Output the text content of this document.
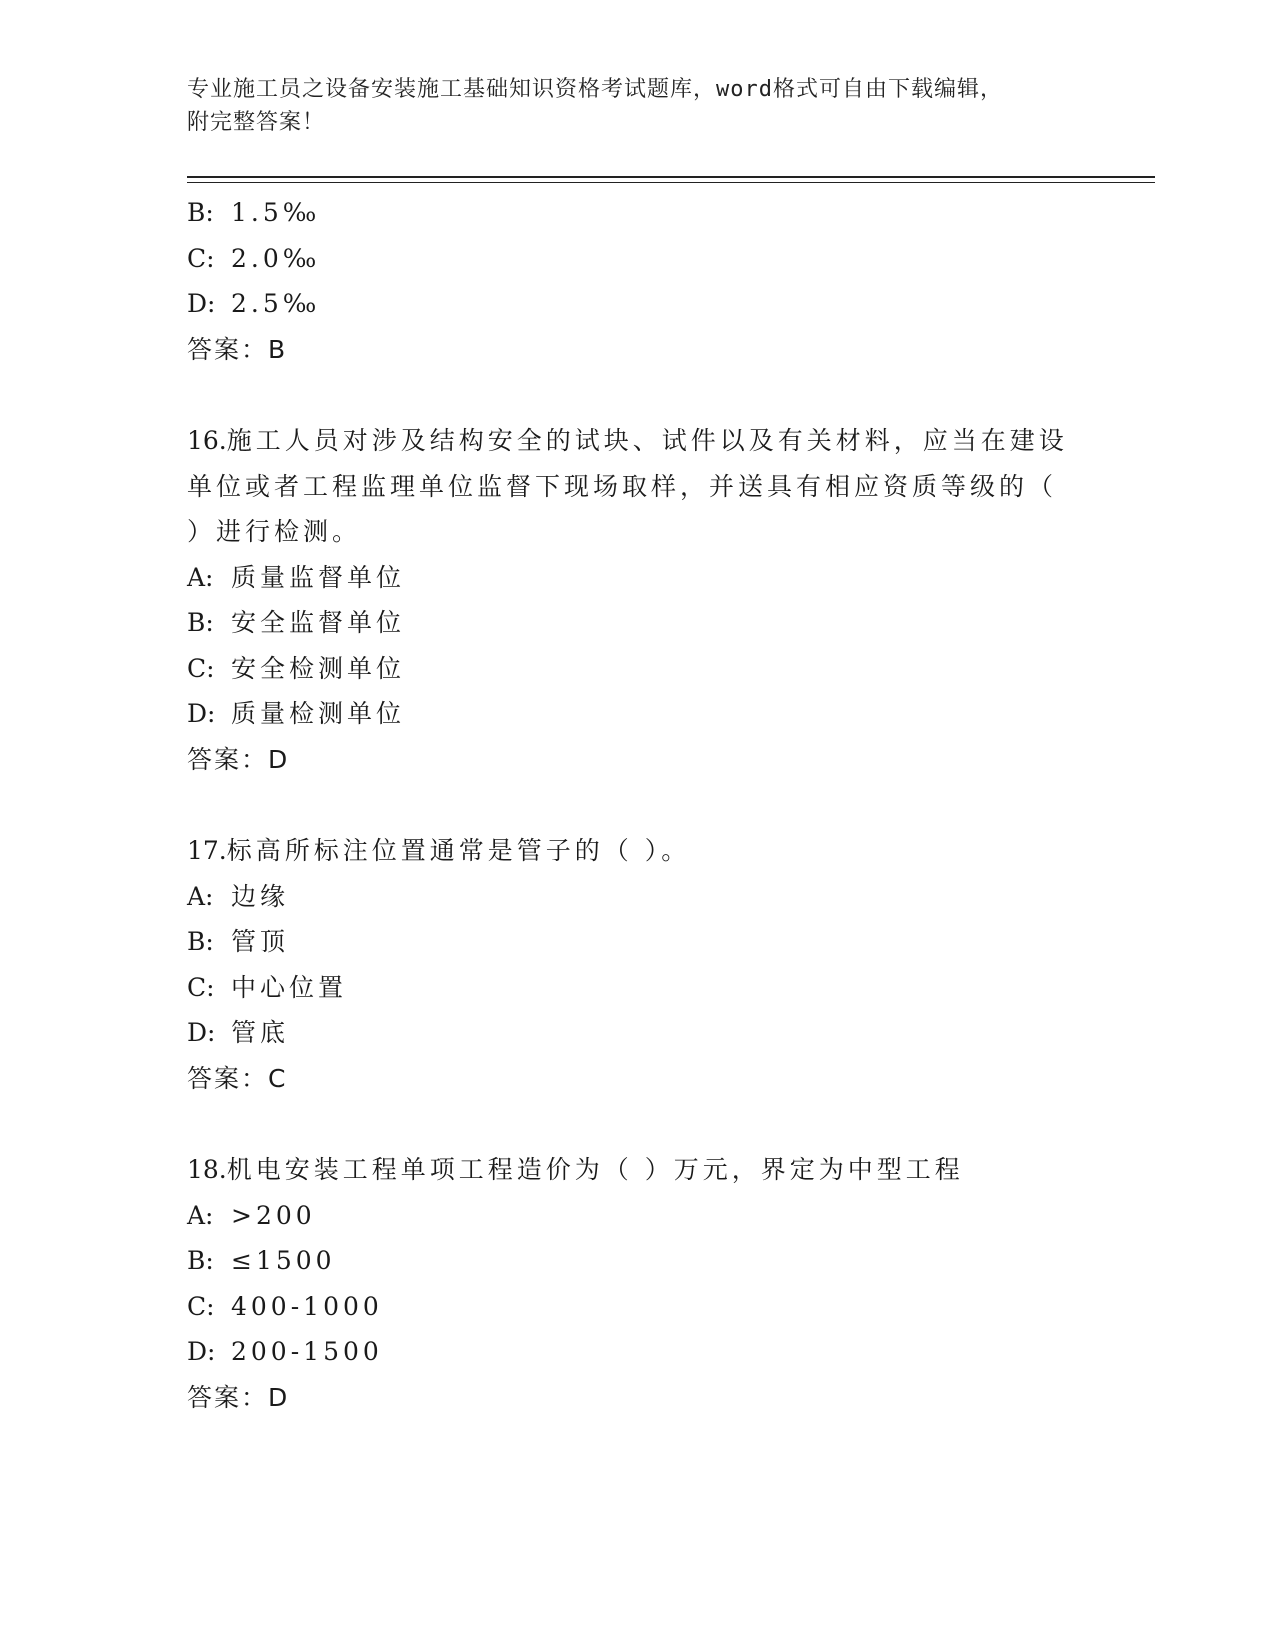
专业施工员之设备安装施工基础知识资格考试题库，word格式可自由下载编辑，
附完整答案！
B: 1.5‰
C: 2.0‰
D: 2.5‰
答案：B
16.施工人员对涉及结构安全的试块、试件以及有关材料，应当在建设
单位或者工程监理单位监督下现场取样，并送具有相应资质等级的（
）进行检测。
A: 质量监督单位
B: 安全监督单位
C: 安全检测单位
D: 质量检测单位
答案：D
17.标高所标注位置通常是管子的（ ）。
A: 边缘
B: 管顶
C: 中心位置
D: 管底
答案：C
18.机电安装工程单项工程造价为（ ）万元，界定为中型工程
A: >200
B: ≤1500
C: 400-1000
D: 200-1500
答案：D
